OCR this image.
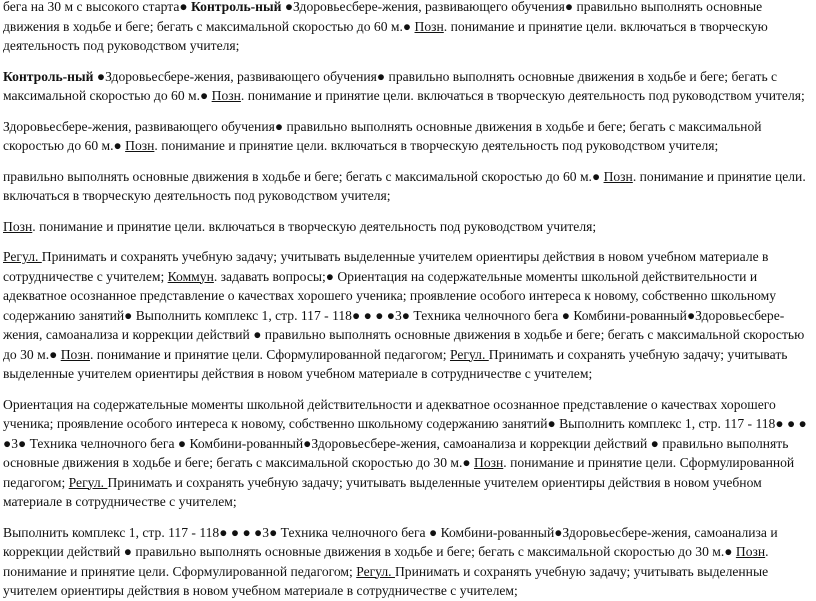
бега на 30 м с высокого старта● Контроль-ный ●Здоровьесбере-жения, развивающего обучения● правильно выполнять основные движения в ходьбе и беге; бегать с максимальной скоростью до 60 м.● Позн. понимание и принятие цели. включаться в творческую деятельность под руководством учителя;

Контроль-ный ●Здоровьесбере-жения, развивающего обучения● правильно выполнять основные движения в ходьбе и беге; бегать с максимальной скоростью до 60 м.● Позн. понимание и принятие цели. включаться в творческую деятельность под руководством учителя;

Здоровьесбере-жения, развивающего обучения● правильно выполнять основные движения в ходьбе и беге; бегать с максимальной скоростью до 60 м.● Позн. понимание и принятие цели. включаться в творческую деятельность под руководством учителя;

правильно выполнять основные движения в ходьбе и беге; бегать с максимальной скоростью до 60 м.● Позн. понимание и принятие цели. включаться в творческую деятельность под руководством учителя;

Позн. понимание и принятие цели. включаться в творческую деятельность под руководством учителя;

Регул. Принимать и сохранять учебную задачу; учитывать выделенные учителем ориентиры действия в новом учебном материале в сотрудничестве с учителем; Коммун. задавать вопросы;● Ориентация на содержательные моменты школьной действительности и адекватное осознанное представление о качествах хорошего ученика; проявление особого интереса к новому, собственно школьному содержанию занятий● Выполнить комплекс 1, стр. 117 - 118● ● ● ●3● Техника челночного бега ● Комбини-рованный●Здоровьесбере-жения, самоанализа и коррекции действий ● правильно выполнять основные движения в ходьбе и беге; бегать с максимальной скоростью до 30 м.● Позн. понимание и принятие цели. Сформулированной педагогом; Регул. Принимать и сохранять учебную задачу; учитывать выделенные учителем ориентиры действия в новом учебном материале в сотрудничестве с учителем;

Ориентация на содержательные моменты школьной действительности и адекватное осознанное представление о качествах хорошего ученика; проявление особого интереса к новому, собственно школьному содержанию занятий● Выполнить комплекс 1, стр. 117 - 118● ● ● ●3● Техника челночного бега ● Комбини-рованный●Здоровьесбере-жения, самоанализа и коррекции действий ● правильно выполнять основные движения в ходьбе и беге; бегать с максимальной скоростью до 30 м.● Позн. понимание и принятие цели. Сформулированной педагогом; Регул. Принимать и сохранять учебную задачу; учитывать выделенные учителем ориентиры действия в новом учебном материале в сотрудничестве с учителем;

Выполнить комплекс 1, стр. 117 - 118● ● ● ●3● Техника челночного бега ● Комбини-рованный●Здоровьесбере-жения, самоанализа и коррекции действий ● правильно выполнять основные движения в ходьбе и беге; бегать с максимальной скоростью до 30 м.● Позн. понимание и принятие цели. Сформулированной педагогом; Регул. Принимать и сохранять учебную задачу; учитывать выделенные учителем ориентиры действия в новом учебном материале в сотрудничестве с учителем;
